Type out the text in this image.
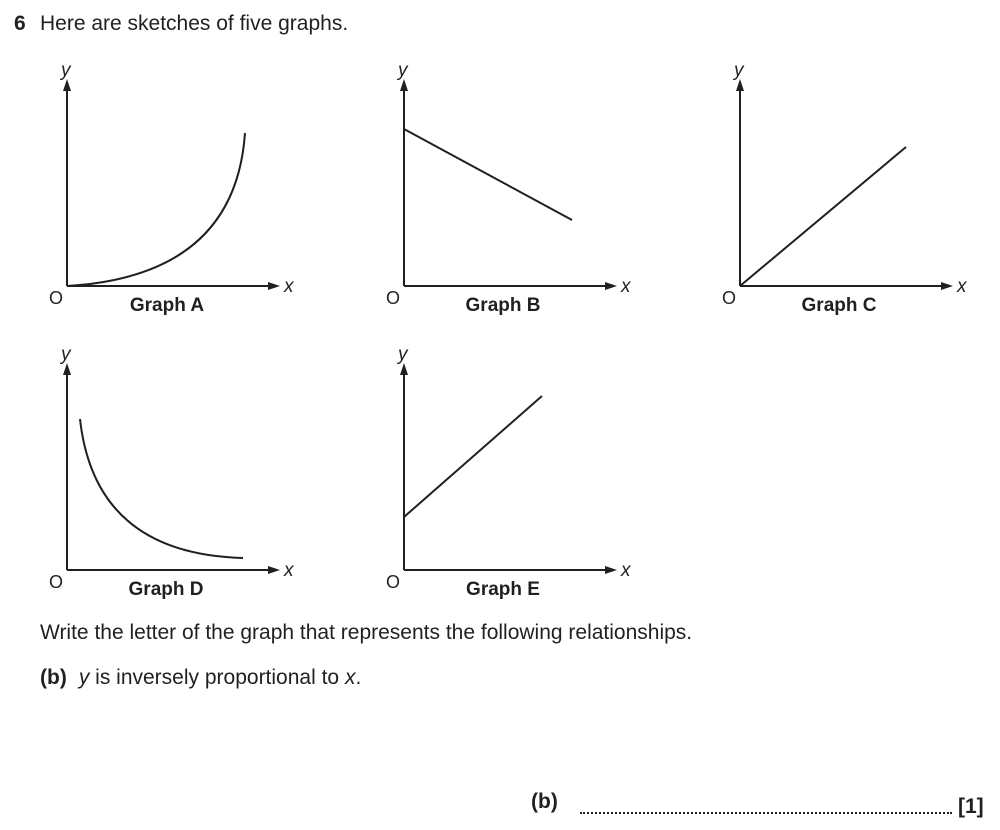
6 Here are sketches of five graphs.
y
x
O	Graph A
y
x
O	Graph B
y
x
O	Graph C
y
x
O	Graph D
y
x
O	Graph E
Write the letter of the graph that represents the following relationships.
(b) y is inversely proportional to x.
(b)	[1]
